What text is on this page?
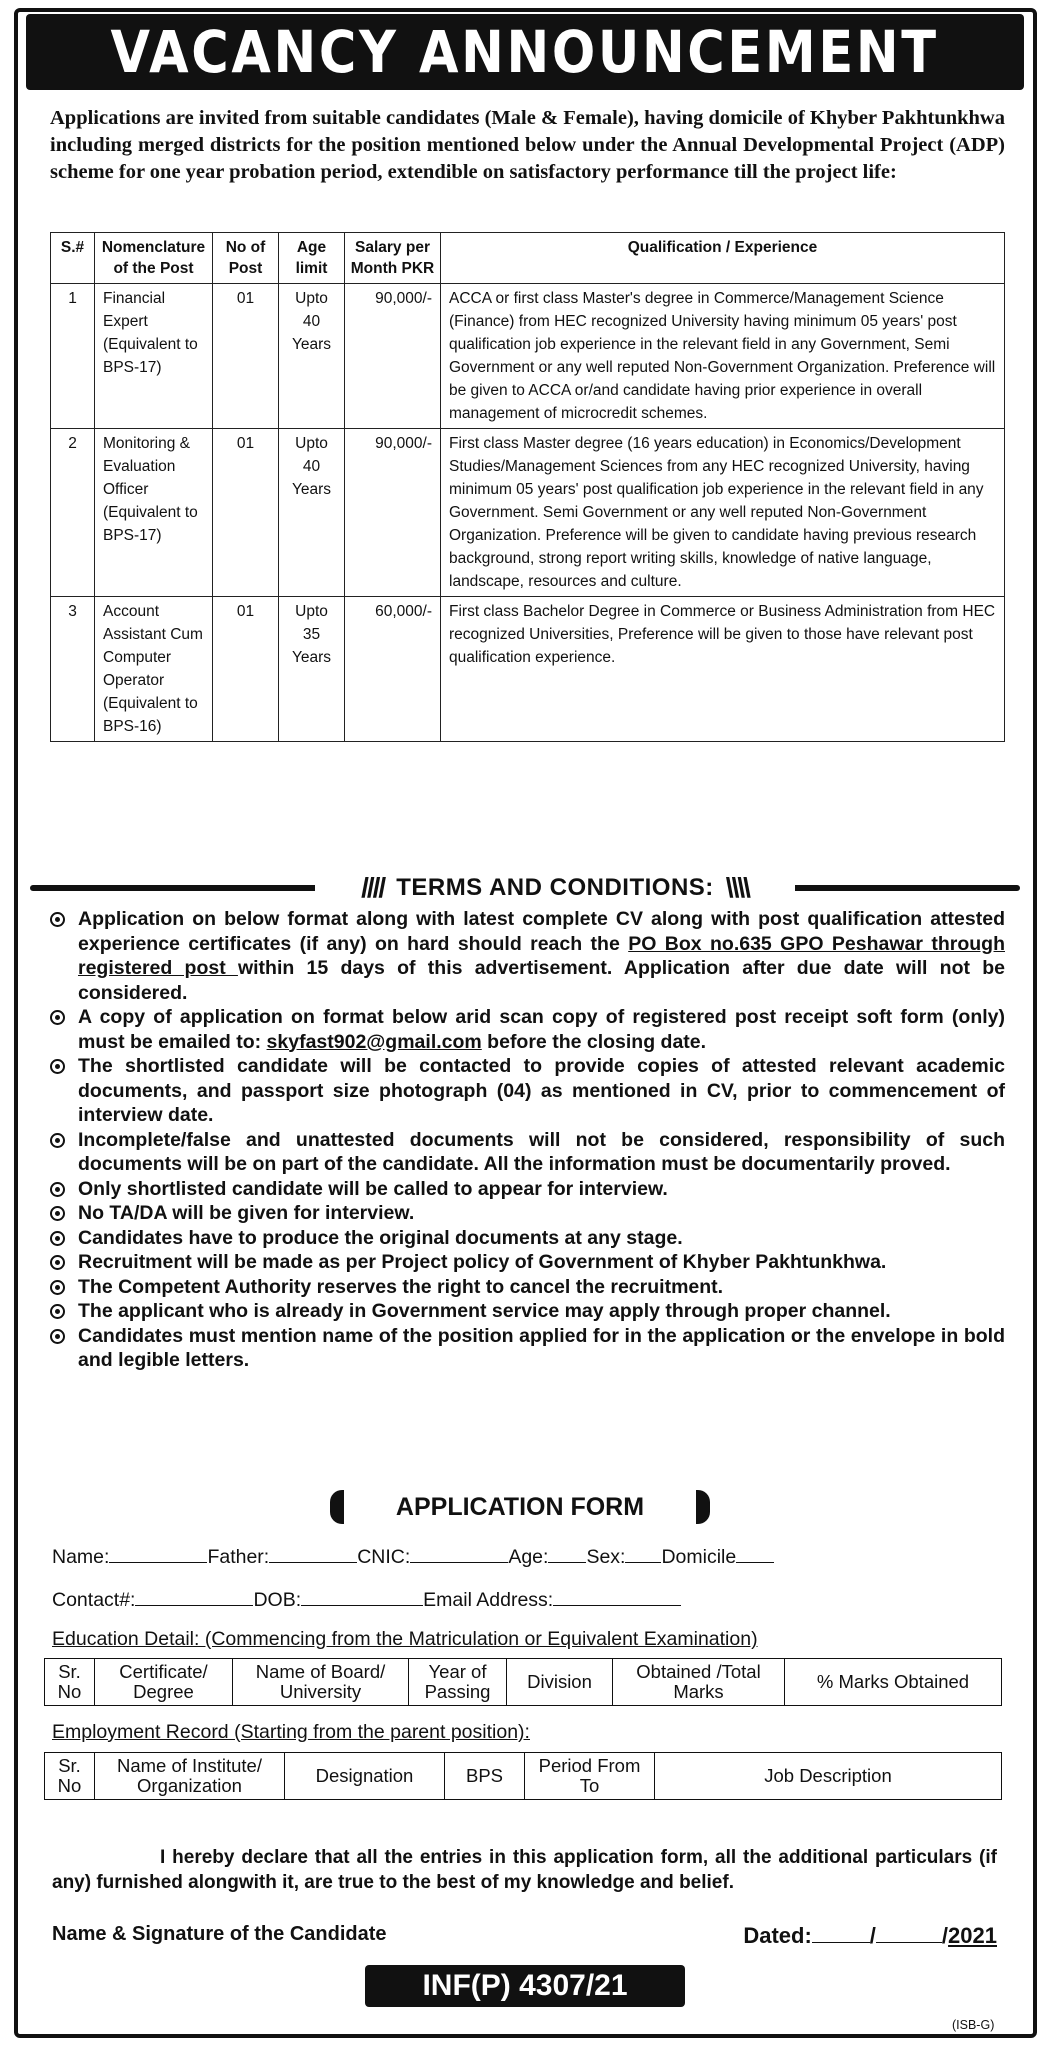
VACANCY ANNOUNCEMENT

Applications are invited from suitable candidates (Male & Female), having domicile of Khyber Pakhtunkhwa including merged districts for the position mentioned below under the Annual Developmental Project (ADP) scheme for one year probation period, extendible on satisfactory performance till the project life:

S.#	Nomenclature of the Post	No of Post	Age limit	Salary per Month PKR	Qualification / Experience
1	Financial Expert (Equivalent to BPS-17)	01	Upto 40 Years	90,000/-	ACCA or first class Master's degree in Commerce/Management Science (Finance) from HEC recognized University having minimum 05 years' post qualification job experience in the relevant field in any Government, Semi Government or any well reputed Non-Government Organization. Preference will be given to ACCA or/and candidate having prior experience in overall management of microcredit schemes.
2	Monitoring & Evaluation Officer (Equivalent to BPS-17)	01	Upto 40 Years	90,000/-	First class Master degree (16 years education) in Economics/Development Studies/Management Sciences from any HEC recognized University, having minimum 05 years' post qualification job experience in the relevant field in any Government. Semi Government or any well reputed Non-Government Organization. Preference will be given to candidate having previous research background, strong report writing skills, knowledge of native language, landscape, resources and culture.
3	Account Assistant Cum Computer Operator (Equivalent to BPS-16)	01	Upto 35 Years	60,000/-	First class Bachelor Degree in Commerce or Business Administration from HEC recognized Universities, Preference will be given to those have relevant post qualification experience.
​
//// TERMS AND CONDITIONS: \\\\
Application on below format along with latest complete CV along with post qualification attested experience certificates (if any) on hard should reach the PO Box no.635 GPO Peshawar through registered post within 15 days of this advertisement. Application after due date will not be considered.
A copy of application on format below arid scan copy of registered post receipt soft form (only) must be emailed to: skyfast902@gmail.com before the closing date.
The shortlisted candidate will be contacted to provide copies of attested relevant academic documents, and passport size photograph (04) as mentioned in CV, prior to commencement of interview date.
Incomplete/false and unattested documents will not be considered, responsibility of such documents will be on part of the candidate. All the information must be documentarily proved.
Only shortlisted candidate will be called to appear for interview.
No TA/DA will be given for interview.
Candidates have to produce the original documents at any stage.
Recruitment will be made as per Project policy of Government of Khyber Pakhtunkhwa.
The Competent Authority reserves the right to cancel the recruitment.
The applicant who is already in Government service may apply through proper channel.
Candidates must mention name of the position applied for in the application or the envelope in bold and legible letters.
APPLICATION FORM
Name:	Father:	CNIC:	Age: Sex: Domicile
Contact#:	DOB:	Email Address:
Education Detail: (Commencing from the Matriculation or Equivalent Examination)
Sr. No	Certificate/ Degree	Name of Board/ University	Year of Passing	Division	Obtained /Total Marks	% Marks Obtained
Employment Record (Starting from the parent position):
Sr. No	Name of Institute/ Organization	Designation	BPS	Period From To	Job Description

I hereby declare that all the entries in this application form, all the additional particulars (if any) furnished alongwith it, are true to the best of my knowledge and belief.

Name & Signature of the Candidate	Dated:	/	/2021
INF(P) 4307/21
(ISB-G)
